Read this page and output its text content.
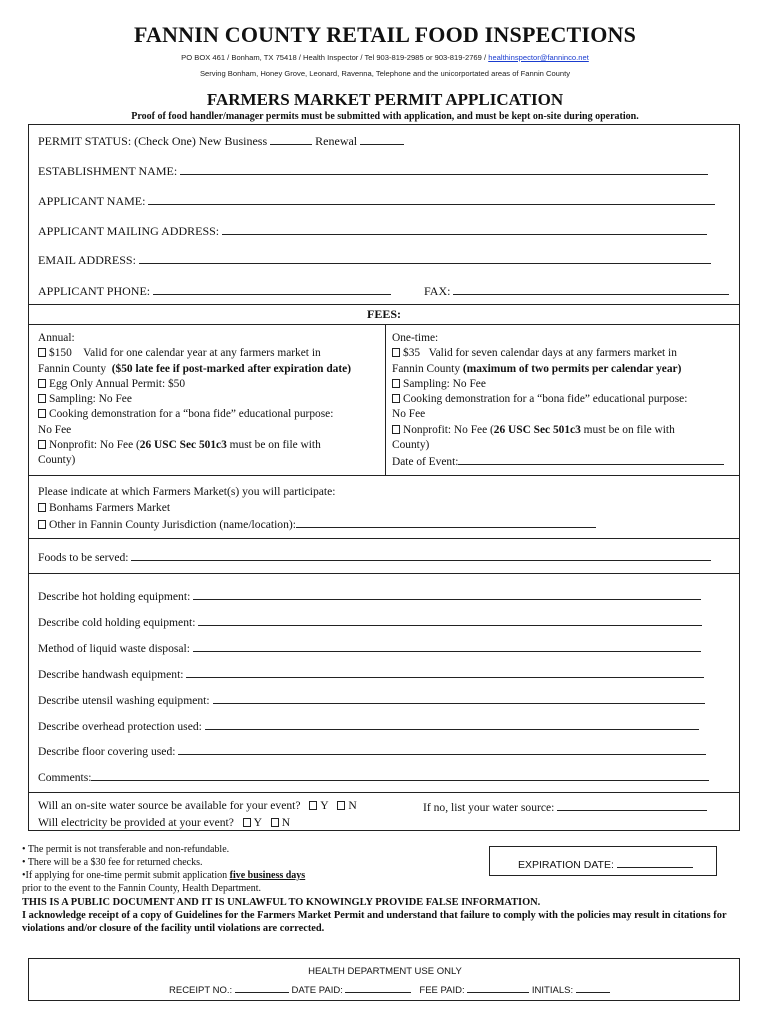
FANNIN COUNTY RETAIL FOOD INSPECTIONS
PO BOX 461 / Bonham, TX 75418 / Health Inspector / Tel 903-819-2985 or 903-819-2769 / healthinspector@fanninco.net
Serving Bonham, Honey Grove, Leonard, Ravenna, Telephone and the unicorportated areas of Fannin County
FARMERS MARKET PERMIT APPLICATION
Proof of food handler/manager permits must be submitted with application, and must be kept on-site during operation.
PERMIT STATUS: (Check One) New Business	Renewal
ESTABLISHMENT NAME:
APPLICANT NAME:
APPLICANT MAILING ADDRESS:
EMAIL ADDRESS:
APPLICANT PHONE:	FAX:
FEES:
Annual:
$150 Valid for one calendar year at any farmers market in
Fannin County ($50 late fee if post-marked after expiration date)
Egg Only Annual Permit: $50
Sampling: No Fee
Cooking demonstration for a “bona fide” educational purpose:
No Fee
Nonprofit: No Fee (26 USC Sec 501c3 must be on file with
County)
One-time:
$35 Valid for seven calendar days at any farmers market in
Fannin County (maximum of two permits per calendar year)
Sampling: No Fee
Cooking demonstration for a “bona fide” educational purpose:
No Fee
Nonprofit: No Fee (26 USC Sec 501c3 must be on file with
County)
Date of Event:
Please indicate at which Farmers Market(s) you will participate:
Bonhams Farmers Market
Other in Fannin County Jurisdiction (name/location):
Foods to be served:
Describe hot holding equipment:
Describe cold holding equipment:
Method of liquid waste disposal:
Describe handwash equipment:
Describe utensil washing equipment:
Describe overhead protection used:
Describe floor covering used:
Comments:
Will an on-site water source be available for your event? Y N	If no, list your water source:
Will electricity be provided at your event? Y N
• The permit is not transferable and non-refundable.
• There will be a $30 fee for returned checks.
•If applying for one-time permit submit application five business days
prior to the event to the Fannin County, Health Department.
EXPIRATION DATE:
THIS IS A PUBLIC DOCUMENT AND IT IS UNLAWFUL TO KNOWINGLY PROVIDE FALSE INFORMATION.
I acknowledge receipt of a copy of Guidelines for the Farmers Market Permit and understand that failure to comply with the policies may result in citations for violations and/or closure of the facility until violations are corrected.
HEALTH DEPARTMENT USE ONLY
RECEIPT NO.:	DATE PAID:	FEE PAID:	INITIALS:
